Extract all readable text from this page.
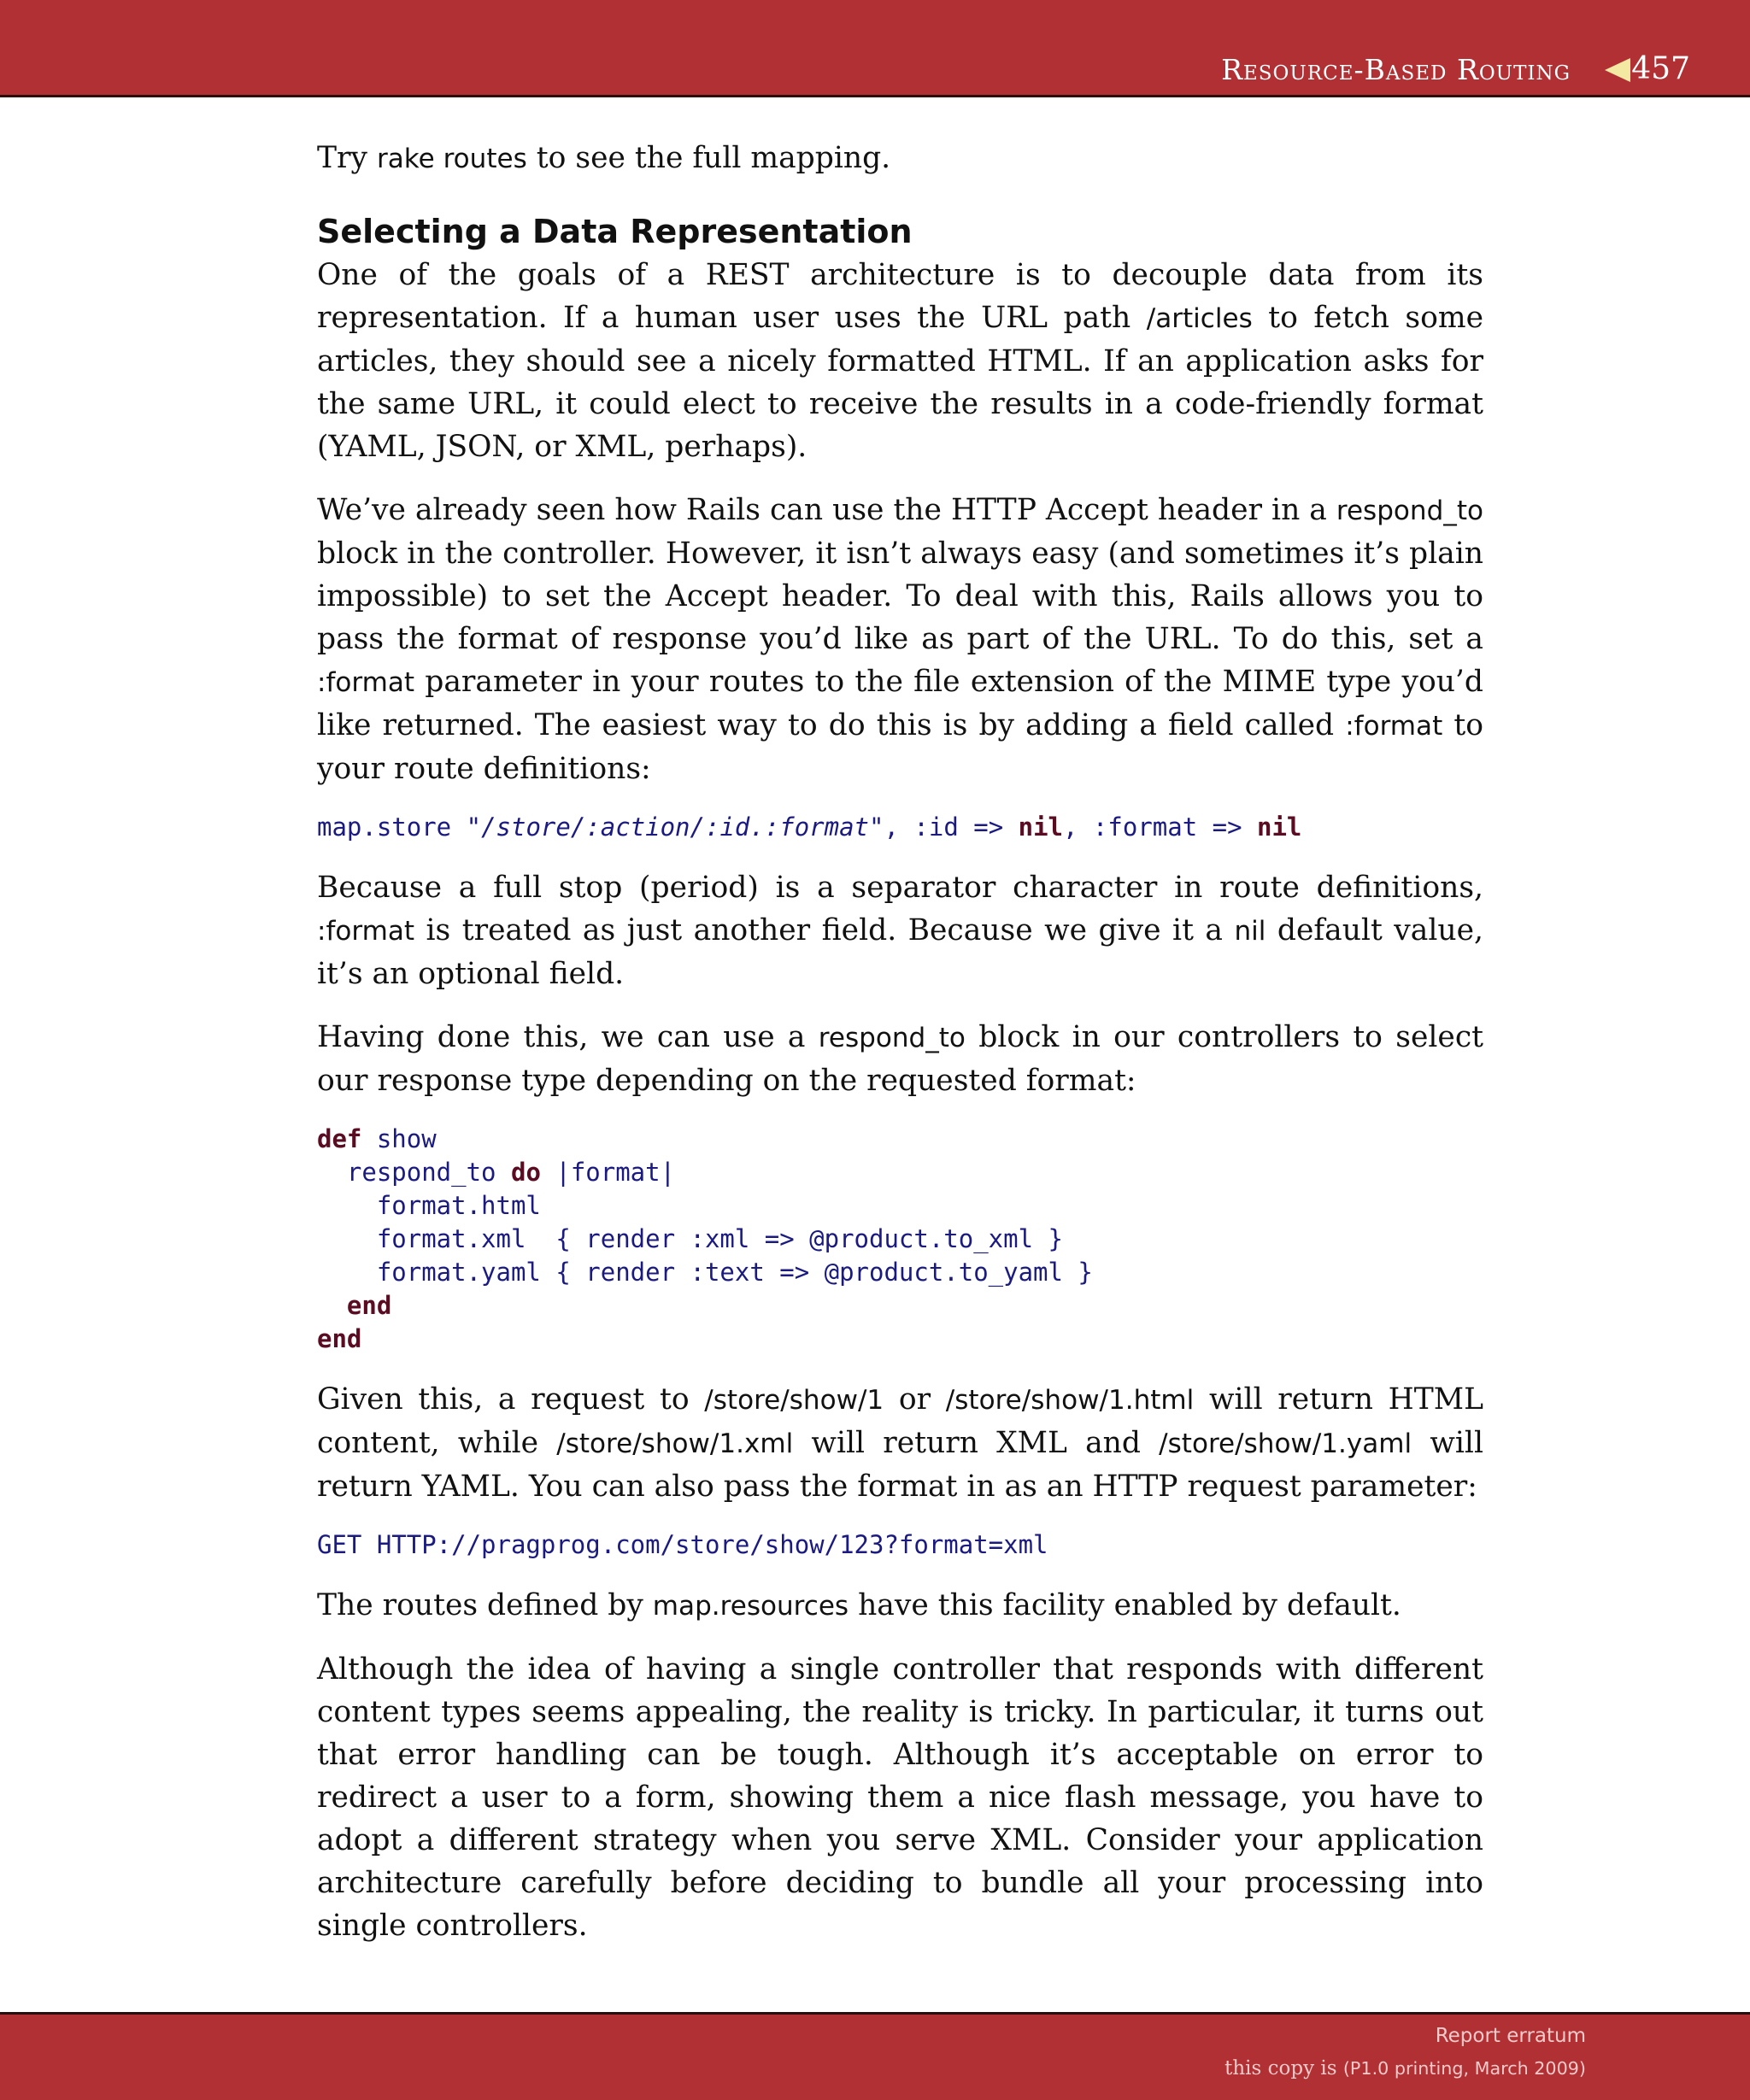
Resource-Based Routing 457

Try rake routes to see the full mapping.

Selecting a Data Representation

One of the goals of a REST architecture is to decouple data from its representation. If a human user uses the URL path /articles to fetch some articles, they should see a nicely formatted HTML. If an application asks for the same URL, it could elect to receive the results in a code-friendly format (YAML, JSON, or XML, perhaps).

We’ve already seen how Rails can use the HTTP Accept header in a respond_to block in the controller. However, it isn’t always easy (and sometimes it’s plain impossible) to set the Accept header. To deal with this, Rails allows you to pass the format of response you’d like as part of the URL. To do this, set a :format parameter in your routes to the file extension of the MIME type you’d like returned. The easiest way to do this is by adding a field called :format to your route definitions:

map.store "/store/:action/:id.:format", :id => nil, :format => nil

Because a full stop (period) is a separator character in route definitions, :format is treated as just another field. Because we give it a nil default value, it’s an optional field.

Having done this, we can use a respond_to block in our controllers to select our response type depending on the requested format:

def show
respond_to do |format|
format.html
format.xml  { render :xml => @product.to_xml }
format.yaml { render :text => @product.to_yaml }
end
end

Given this, a request to /store/show/1 or /store/show/1.html will return HTML content, while /store/show/1.xml will return XML and /store/show/1.yaml will return YAML. You can also pass the format in as an HTTP request parameter:

GET HTTP://pragprog.com/store/show/123?format=xml

The routes defined by map.resources have this facility enabled by default.

Although the idea of having a single controller that responds with different content types seems appealing, the reality is tricky. In particular, it turns out that error handling can be tough. Although it’s acceptable on error to redirect a user to a form, showing them a nice flash message, you have to adopt a different strategy when you serve XML. Consider your application architecture carefully before deciding to bundle all your processing into single controllers.

Report erratum
this copy is (P1.0 printing, March 2009)
